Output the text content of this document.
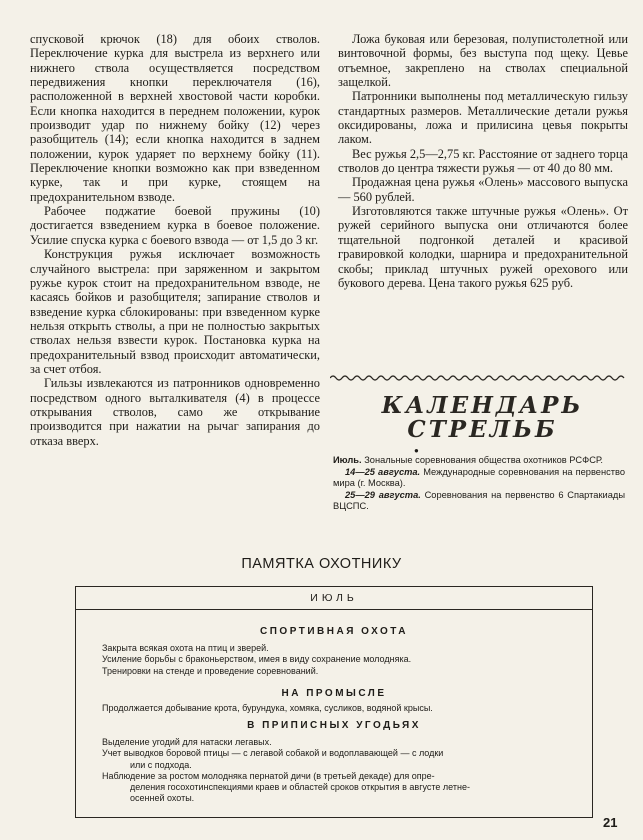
спусковой крючок (18) для обоих стволов. Переключение курка для выстрела из верхнего или нижнего ствола осуществляется посредством передвижения кнопки переключателя (16), расположенной в верхней хвостовой части коробки. Если кнопка находится в переднем положении, курок производит удар по нижнему бойку (12) через разобщитель (14); если кнопка находится в заднем положении, курок ударяет по верхнему бойку (11). Переключение кнопки возможно как при взведенном курке, так и при курке, стоящем на предохранительном взводе.

Рабочее поджатие боевой пружины (10) достигается взведением курка в боевое положение. Усилие спуска курка с боевого взвода — от 1,5 до 3 кг.

Конструкция ружья исключает возможность случайного выстрела: при заряженном и закрытом ружье курок стоит на предохранительном взводе, не касаясь бойков и разобщителя; запирание стволов и взведение курка сблокированы: при взведенном курке нельзя открыть стволы, а при не полностью закрытых стволах нельзя взвести курок. Постановка курка на предохранительный взвод происходит автоматически, за счет отбоя.

Гильзы извлекаются из патронников одновременно посредством одного выталкивателя (4) в процессе открывания стволов, само же открывание производится при нажатии на рычаг запирания до отказа вверх.

Ложа буковая или березовая, полупистолетной или винтовочной формы, без выступа под щеку. Цевье отъемное, закреплено на стволах специальной защелкой.

Патронники выполнены под металлическую гильзу стандартных размеров. Металлические детали ружья оксидированы, ложа и прилисина цевья покрыты лаком.

Вес ружья 2,5—2,75 кг. Расстояние от заднего торца стволов до центра тяжести ружья — от 40 до 80 мм.

Продажная цена ружья «Олень» массового выпуска — 560 рублей.

Изготовляются также штучные ружья «Олень». От ружей серийного выпуска они отличаются более тщательной подгонкой деталей и красивой гравировкой колодки, шарнира и предохранительной скобы; приклад штучных ружей орехового или букового дерева. Цена такого ружья 625 руб.

КАЛЕНДАРЬ
СТРЕЛЬБ
●

Июль. Зональные соревнования общества охотников РСФСР.

14—25 августа. Международные соревнования на первенство мира (г. Москва).

25—29 августа. Соревнования на первенство 6 Спартакиады ВЦСПС.

ПАМЯТКА ОХОТНИКУ
ИЮЛЬ
СПОРТИВНАЯ ОХОТА
Закрыта всякая охота на птиц и зверей.
Усиление борьбы с браконьерством, имея в виду сохранение молодняка.
Тренировки на стенде и проведение соревнований.
НА ПРОМЫСЛЕ
Продолжается добывание крота, бурундука, хомяка, сусликов, водяной крысы.
В ПРИПИСНЫХ УГОДЬЯХ
Выделение угодий для натаски легавых.
Учет выводков боровой птицы — с легавой собакой и водоплавающей — с лодки
или с подхода.
Наблюдение за ростом молодняка пернатой дичи (в третьей декаде) для опре-
деления госохотинспекциями краев и областей сроков открытия в августе летне-
осенней охоты.
21
